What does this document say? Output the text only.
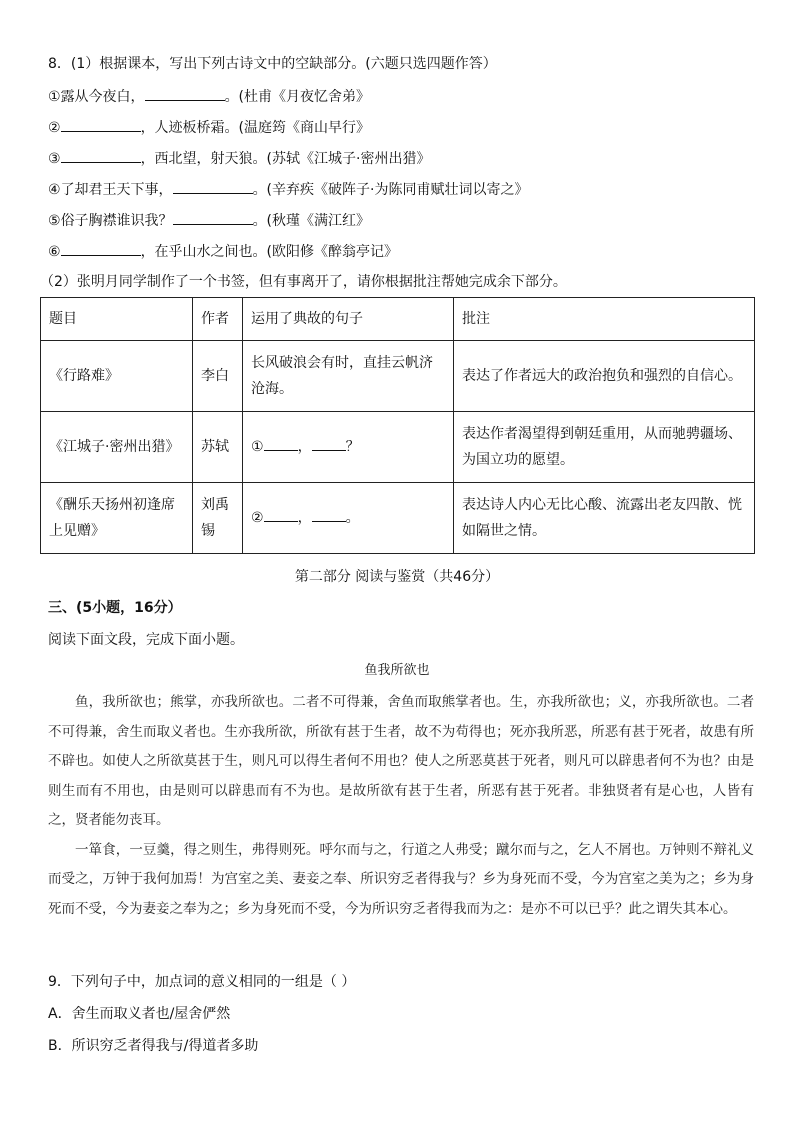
8．(1）根据课本，写出下列古诗文中的空缺部分。(六题只选四题作答）
①露从今夜白，	。(杜甫《月夜忆舍弟》
②	，人迹板桥霜。(温庭筠《商山早行》
③	，西北望，射天狼。(苏轼《江城子·密州出猎》
④了却君王天下事，	。(辛弃疾《破阵子·为陈同甫赋壮词以寄之》
⑤俗子胸襟谁识我？	。(秋瑾《满江红》
⑥	，在乎山水之间也。(欧阳修《醉翁亭记》
（2）张明月同学制作了一个书签，但有事离开了，请你根据批注帮她完成余下部分。
题目	作者	运用了典故的句子	批注
《行路难》	李白	长风破浪会有时，直挂云帆济沧海。	表达了作者远大的政治抱负和强烈的自信心。
《江城子·密州出猎》	苏轼	① ， ？	表达作者渴望得到朝廷重用，从而驰骋疆场、为国立功的愿望。
《酬乐天扬州初逢席上见赠》	刘禹锡	② ， 。	表达诗人内心无比心酸、流露出老友四散、恍如隔世之情。
第二部分 阅读与鉴赏（共46分）
三、(5小题，16分）
阅读下面文段，完成下面小题。
鱼我所欲也

鱼，我所欲也；熊掌，亦我所欲也。二者不可得兼，舍鱼而取熊掌者也。生，亦我所欲也；义，亦我所欲也。二者不可得兼，舍生而取义者也。生亦我所欲，所欲有甚于生者，故不为苟得也；死亦我所恶，所恶有甚于死者，故患有所不辟也。如使人之所欲莫甚于生，则凡可以得生者何不用也？使人之所恶莫甚于死者，则凡可以辟患者何不为也？由是则生而有不用也，由是则可以辟患而有不为也。是故所欲有甚于生者，所恶有甚于死者。非独贤者有是心也，人皆有之，贤者能勿丧耳。

一箪食，一豆羹，得之则生，弗得则死。呼尔而与之，行道之人弗受；蹴尔而与之，乞人不屑也。万钟则不辩礼义而受之，万钟于我何加焉！为宫室之美、妻妾之奉、所识穷乏者得我与？乡为身死而不受，今为宫室之美为之；乡为身死而不受，今为妻妾之奉为之；乡为身死而不受，今为所识穷乏者得我而为之：是亦不可以已乎？此之谓失其本心。

9．下列句子中，加点词的意义相同的一组是（ ）
A．舍生而取义者也/屋舍俨然
B．所识穷乏者得我与/得道者多助
